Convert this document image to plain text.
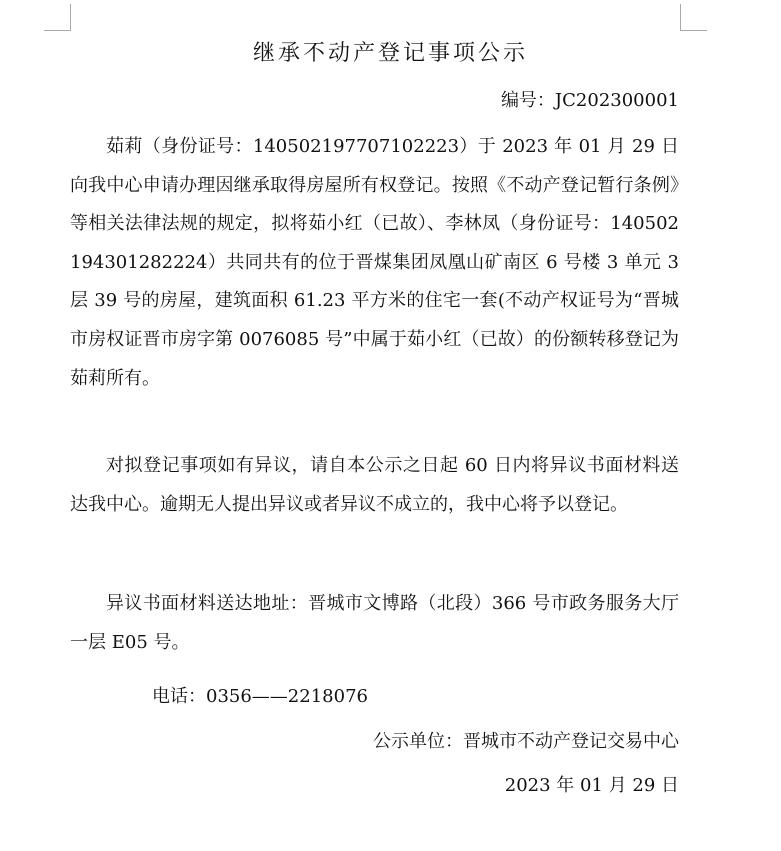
继承不动产登记事项公示
编号：JC202300001

茹莉（身份证号：140502197707102223）于 2023 年 01 月 29 日向我中心申请办理因继承取得房屋所有权登记。按照《不动产登记暂行条例》等相关法律法规的规定，拟将茹小红（已故）、李林凤（身份证号：140502194301282224）共同共有的位于晋煤集团凤凰山矿南区 6 号楼 3 单元 3 层 39 号的房屋，建筑面积 61.23 平方米的住宅一套(不动产权证号为“晋城市房权证晋市房字第 0076085 号”中属于茹小红（已故）的份额转移登记为茹莉所有。

对拟登记事项如有异议，请自本公示之日起 60 日内将异议书面材料送达我中心。逾期无人提出异议或者异议不成立的，我中心将予以登记。

异议书面材料送达地址：晋城市文博路（北段）366 号市政务服务大厅一层 E05 号。

电话：0356——2218076
公示单位：晋城市不动产登记交易中心
2023 年 01 月 29 日
